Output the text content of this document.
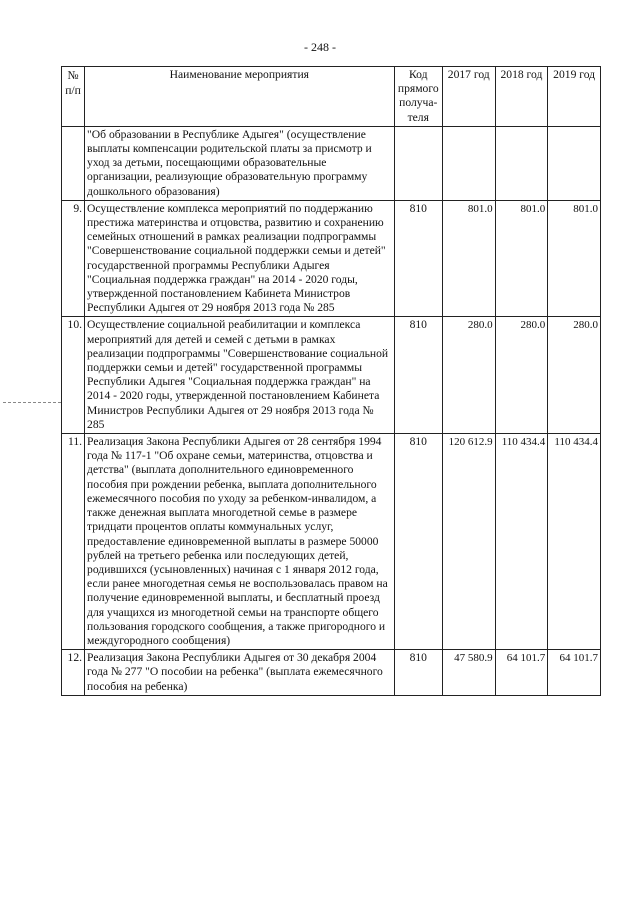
- 248 -
№ п/п	Наименование мероприятия	Код прямого получа-теля	2017 год	2018 год	2019 год
	"Об образовании в Республике Адыгея" (осуществление выплаты компенсации родительской платы за присмотр и уход за детьми, посещающими образовательные организации, реализующие образовательную программу дошкольного образования)				
9.	Осуществление комплекса мероприятий по поддержанию престижа материнства и отцовства, развитию и сохранению семейных отношений в рамках реализации подпрограммы "Совершенствование социальной поддержки семьи и детей" государственной программы Республики Адыгея "Социальная поддержка граждан" на 2014 - 2020 годы, утвержденной постановлением Кабинета Министров Республики Адыгея от 29 ноября 2013 года № 285	810	801.0	801.0	801.0
10.	Осуществление социальной реабилитации и комплекса мероприятий для детей и семей с детьми в рамках реализации подпрограммы "Совершенствование социальной поддержки семьи и детей" государственной программы Республики Адыгея "Социальная поддержка граждан" на 2014 - 2020 годы, утвержденной постановлением Кабинета Министров Республики Адыгея от 29 ноября 2013 года № 285	810	280.0	280.0	280.0
11.	Реализация Закона Республики Адыгея от 28 сентября 1994 года № 117-1 "Об охране семьи, материнства, отцовства и детства" (выплата дополнительного единовременного пособия при рождении ребенка, выплата дополнительного ежемесячного пособия по уходу за ребенком-инвалидом, а также денежная выплата многодетной семье в размере тридцати процентов оплаты коммунальных услуг, предоставление единовременной выплаты в размере 50000 рублей на третьего ребенка или последующих детей, родившихся (усыновленных) начиная с 1 января 2012 года, если ранее многодетная семья не воспользовалась правом на получение единовременной выплаты, и бесплатный проезд для учащихся из многодетной семьи на транспорте общего пользования городского сообщения, а также пригородного и междугородного сообщения)	810	120 612.9	110 434.4	110 434.4
12.	Реализация Закона Республики Адыгея от 30 декабря 2004 года № 277 "О пособии на ребенка" (выплата ежемесячного пособия на ребенка)	810	47 580.9	64 101.7	64 101.7
